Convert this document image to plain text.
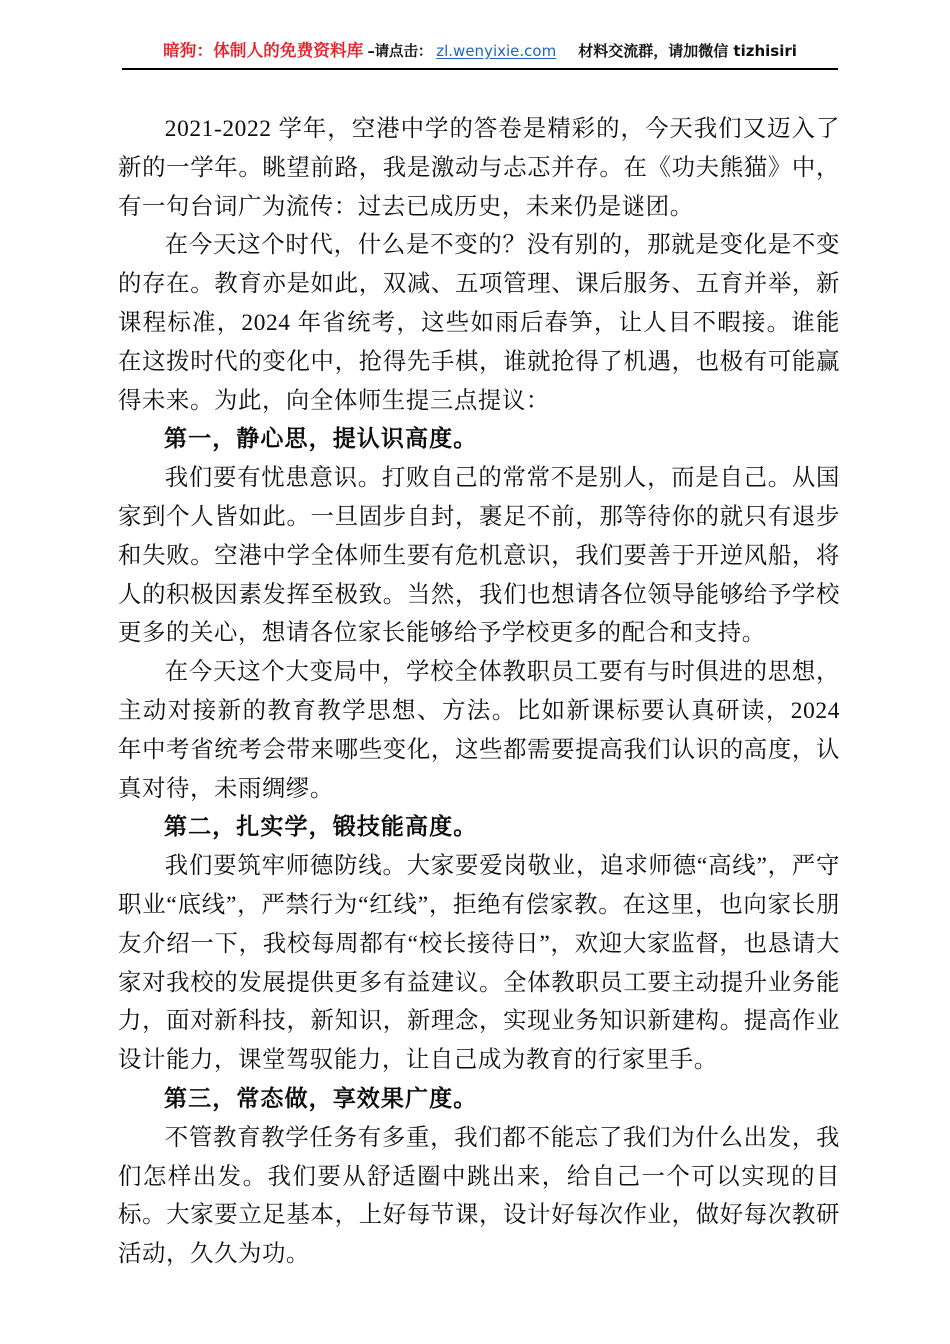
暗狗：体制人的免费资料库 –请点击： zl.wenyixie.com 材料交流群，请加微信 tizhisiri

2021-2022 学年，空港中学的答卷是精彩的，今天我们又迈入了新的一学年。眺望前路，我是激动与忐忑并存。在《功夫熊猫》中，有一句台词广为流传：过去已成历史，未来仍是谜团。

在今天这个时代，什么是不变的？没有别的，那就是变化是不变的存在。教育亦是如此，双减、五项管理、课后服务、五育并举，新课程标准，2024 年省统考，这些如雨后春笋，让人目不暇接。谁能在这拨时代的变化中，抢得先手棋，谁就抢得了机遇，也极有可能赢得未来。为此，向全体师生提三点提议：

第一，静心思，提认识高度。

我们要有忧患意识。打败自己的常常不是别人，而是自己。从国家到个人皆如此。一旦固步自封，裹足不前，那等待你的就只有退步和失败。空港中学全体师生要有危机意识，我们要善于开逆风船，将人的积极因素发挥至极致。当然，我们也想请各位领导能够给予学校更多的关心，想请各位家长能够给予学校更多的配合和支持。

在今天这个大变局中，学校全体教职员工要有与时俱进的思想，主动对接新的教育教学思想、方法。比如新课标要认真研读，2024 年中考省统考会带来哪些变化，这些都需要提高我们认识的高度，认真对待，未雨绸缪。

第二，扎实学，锻技能高度。

我们要筑牢师德防线。大家要爱岗敬业，追求师德“高线”，严守职业“底线”，严禁行为“红线”，拒绝有偿家教。在这里，也向家长朋友介绍一下，我校每周都有“校长接待日”，欢迎大家监督，也恳请大家对我校的发展提供更多有益建议。全体教职员工要主动提升业务能力，面对新科技，新知识，新理念，实现业务知识新建构。提高作业设计能力，课堂驾驭能力，让自己成为教育的行家里手。

第三，常态做，享效果广度。

不管教育教学任务有多重，我们都不能忘了我们为什么出发，我们怎样出发。我们要从舒适圈中跳出来，给自己一个可以实现的目标。大家要立足基本，上好每节课，设计好每次作业，做好每次教研活动，久久为功。
